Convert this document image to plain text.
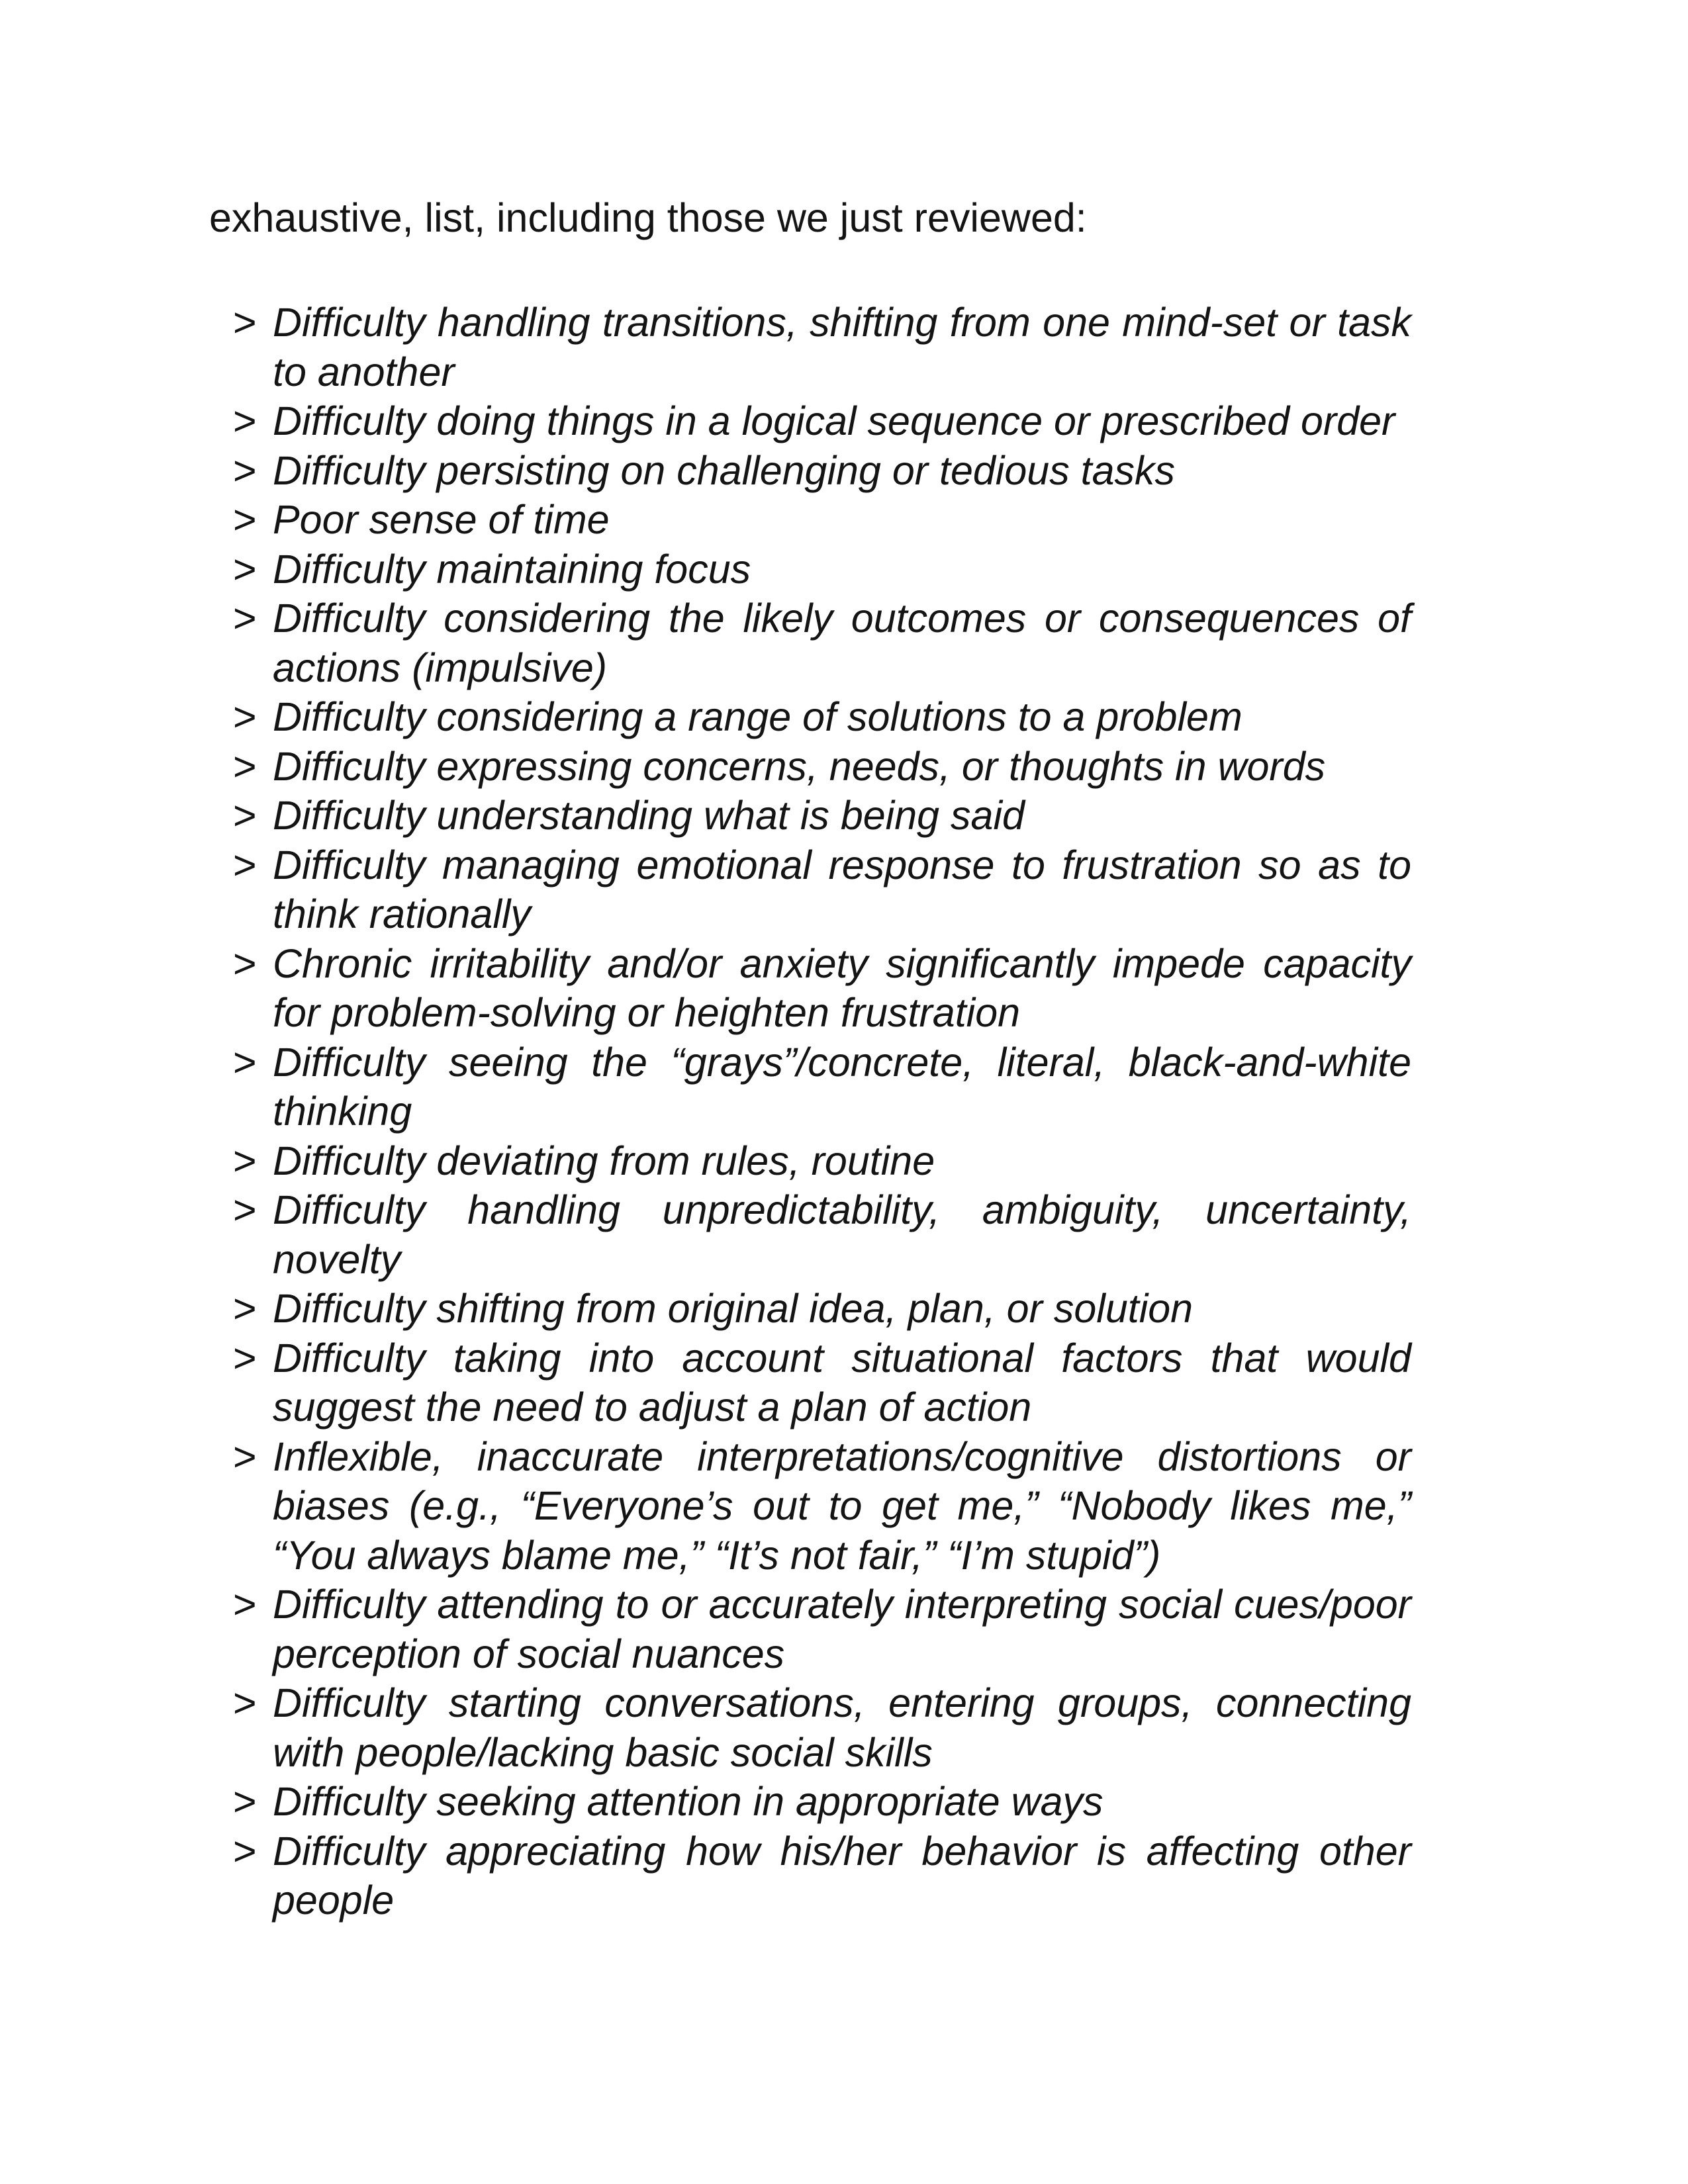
exhaustive, list, including those we just reviewed:

> Difficulty handling transitions, shifting from one mind-set or task to another
> Difficulty doing things in a logical sequence or prescribed order
> Difficulty persisting on challenging or tedious tasks
> Poor sense of time
> Difficulty maintaining focus
> Difficulty considering the likely outcomes or consequences of actions (impulsive)
> Difficulty considering a range of solutions to a problem
> Difficulty expressing concerns, needs, or thoughts in words
> Difficulty understanding what is being said
> Difficulty managing emotional response to frustration so as to think rationally
> Chronic irritability and/or anxiety significantly impede capacity for problem-solving or heighten frustration
> Difficulty seeing the “grays”/concrete, literal, black-and-white thinking
> Difficulty deviating from rules, routine
> Difficulty handling unpredictability, ambiguity, uncertainty, novelty
> Difficulty shifting from original idea, plan, or solution
> Difficulty taking into account situational factors that would suggest the need to adjust a plan of action
> Inflexible, inaccurate interpretations/cognitive distortions or biases (e.g., “Everyone’s out to get me,” “Nobody likes me,” “You always blame me,” “It’s not fair,” “I’m stupid”)
> Difficulty attending to or accurately interpreting social cues/poor perception of social nuances
> Difficulty starting conversations, entering groups, connecting with people/lacking basic social skills
> Difficulty seeking attention in appropriate ways
> Difficulty appreciating how his/her behavior is affecting other people
